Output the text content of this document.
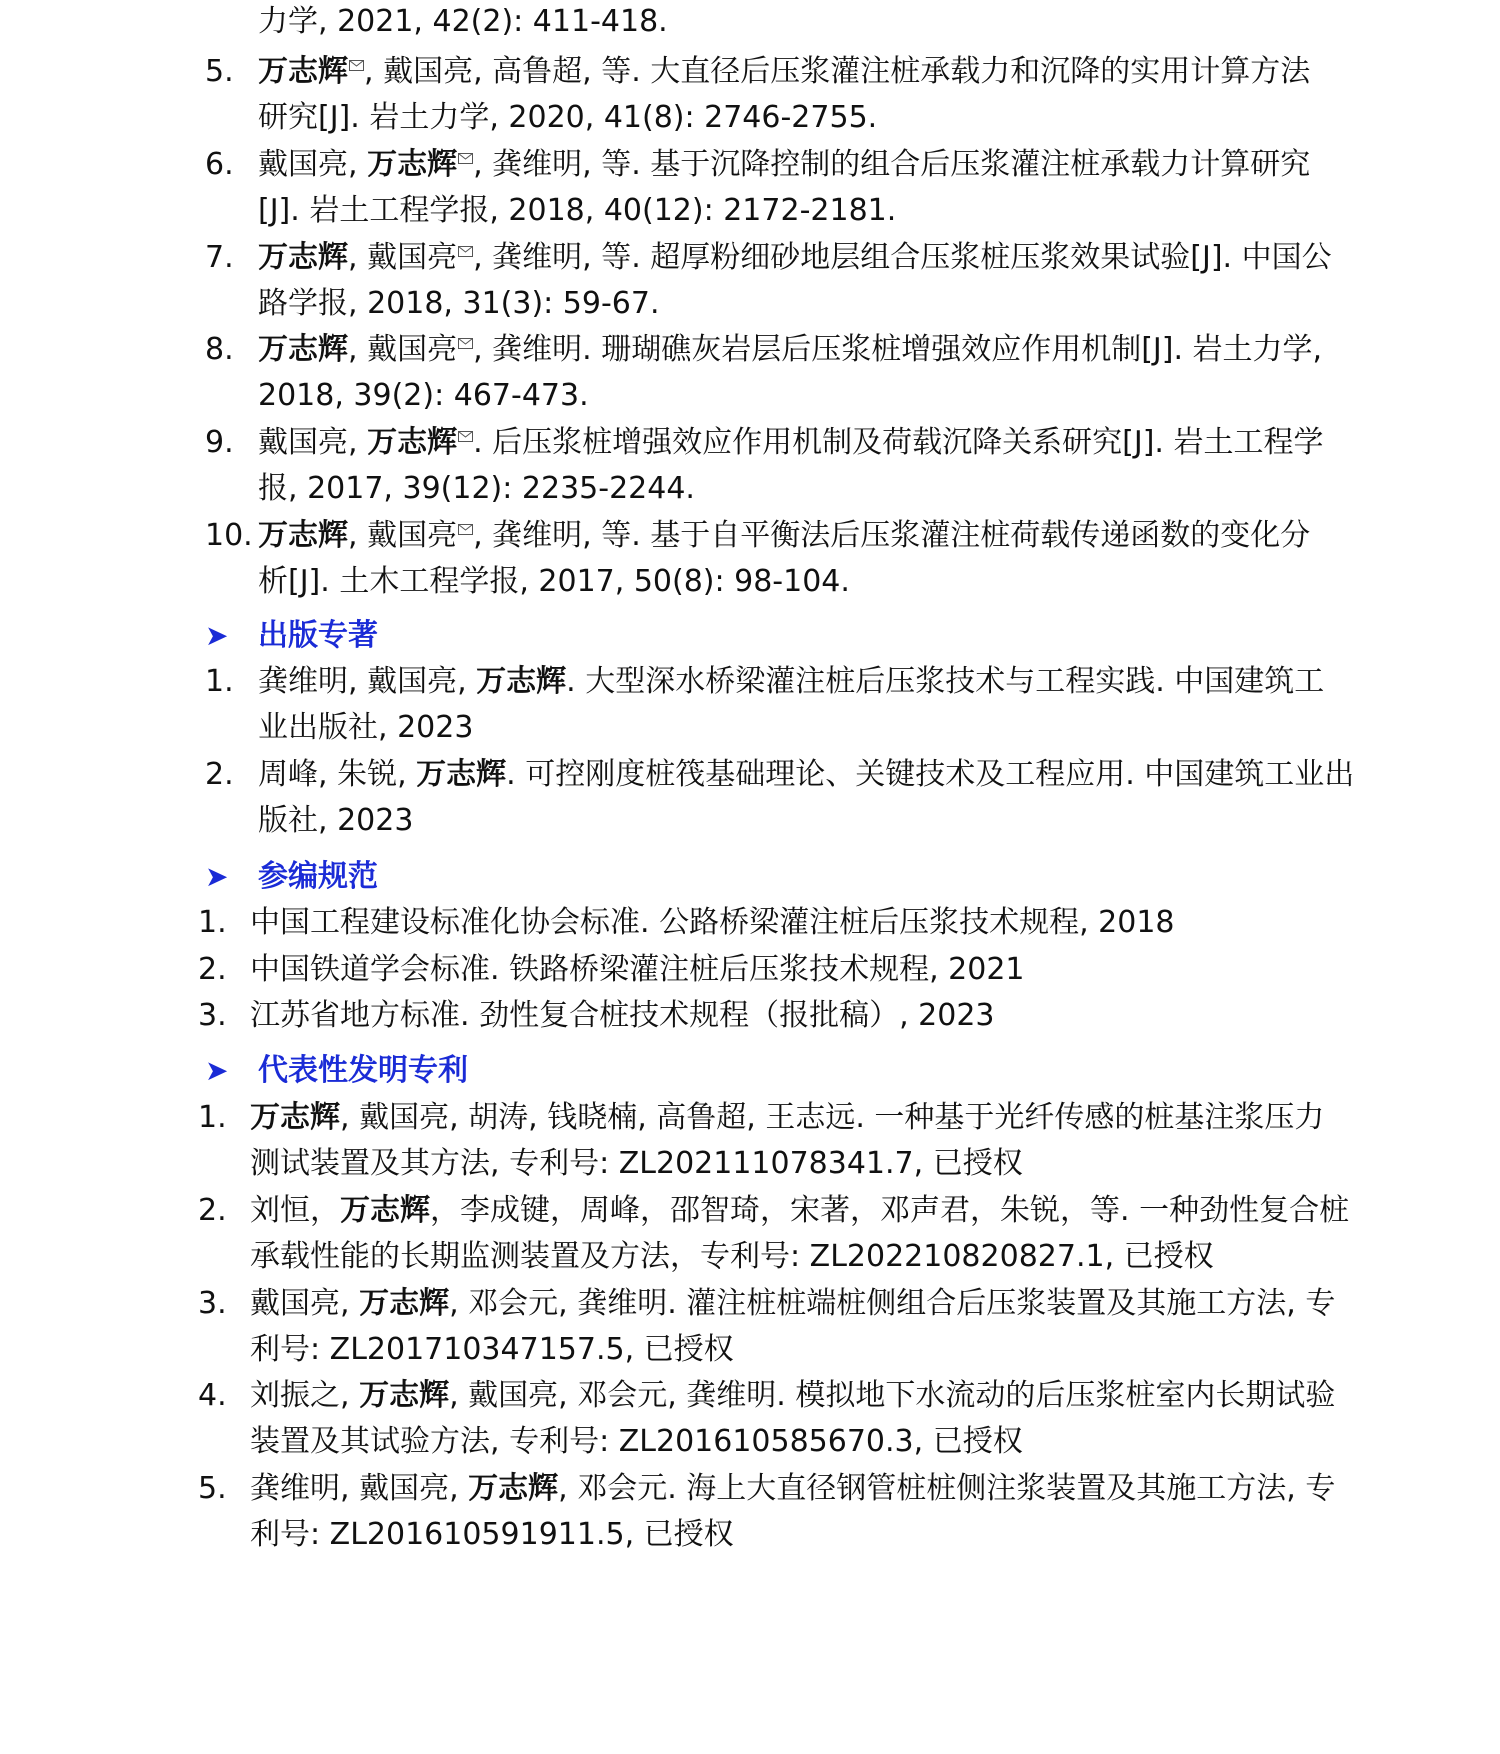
力学, 2021, 42(2): 411-418.
5. 万志辉 , 戴国亮, 高鲁超, 等. 大直径后压浆灌注桩承载力和沉降的实用计算方法
研究[J]. 岩土力学, 2020, 41(8): 2746-2755.
6. 戴国亮, 万志辉 , 龚维明, 等. 基于沉降控制的组合后压浆灌注桩承载力计算研究
[J]. 岩土工程学报, 2018, 40(12): 2172-2181.
7. 万志辉, 戴国亮 , 龚维明, 等. 超厚粉细砂地层组合压浆桩压浆效果试验[J]. 中国公
路学报, 2018, 31(3): 59-67.
8. 万志辉, 戴国亮 , 龚维明. 珊瑚礁灰岩层后压浆桩增强效应作用机制[J]. 岩土力学,
2018, 39(2): 467-473.
9. 戴国亮, 万志辉 . 后压浆桩增强效应作用机制及荷载沉降关系研究[J]. 岩土工程学
报, 2017, 39(12): 2235-2244.
10. 万志辉, 戴国亮 , 龚维明, 等. 基于自平衡法后压浆灌注桩荷载传递函数的变化分
析[J]. 土木工程学报, 2017, 50(8): 98-104.
➤ 出版专著
1. 龚维明, 戴国亮, 万志辉. 大型深水桥梁灌注桩后压浆技术与工程实践. 中国建筑工
业出版社, 2023
2. 周峰, 朱锐, 万志辉. 可控刚度桩筏基础理论、关键技术及工程应用. 中国建筑工业出
版社, 2023
➤ 参编规范
1. 中国工程建设标准化协会标准. 公路桥梁灌注桩后压浆技术规程, 2018
2. 中国铁道学会标准. 铁路桥梁灌注桩后压浆技术规程, 2021
3. 江苏省地方标准. 劲性复合桩技术规程（报批稿）, 2023
➤ 代表性发明专利
1. 万志辉, 戴国亮, 胡涛, 钱晓楠, 高鲁超, 王志远. 一种基于光纤传感的桩基注浆压力
测试装置及其方法, 专利号: ZL202111078341.7, 已授权
2. 刘恒，万志辉，李成键，周峰，邵智琦，宋著，邓声君，朱锐，等. 一种劲性复合桩
承载性能的长期监测装置及方法，专利号: ZL202210820827.1, 已授权
3. 戴国亮, 万志辉, 邓会元, 龚维明. 灌注桩桩端桩侧组合后压浆装置及其施工方法, 专
利号: ZL201710347157.5, 已授权
4. 刘振之, 万志辉, 戴国亮, 邓会元, 龚维明. 模拟地下水流动的后压浆桩室内长期试验
装置及其试验方法, 专利号: ZL201610585670.3, 已授权
5. 龚维明, 戴国亮, 万志辉, 邓会元. 海上大直径钢管桩桩侧注浆装置及其施工方法, 专
利号: ZL201610591911.5, 已授权
